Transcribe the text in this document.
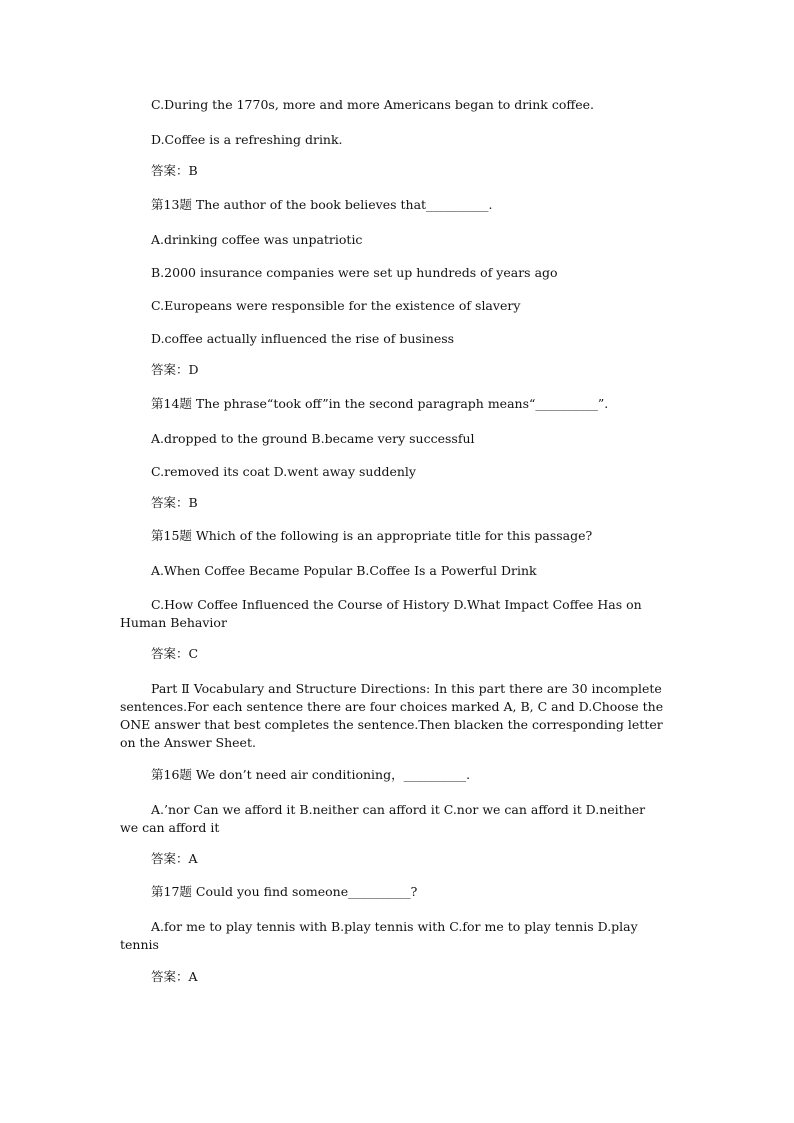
C.During the 1770s, more and more Americans began to drink coffee.

D.Coffee is a refreshing drink.

答案：B

第13题 The author of the book believes that__________.

A.drinking coffee was unpatriotic

B.2000 insurance companies were set up hundreds of years ago

C.Europeans were responsible for the existence of slavery

D.coffee actually influenced the rise of business

答案：D

第14题 The phrase“took off”in the second paragraph means“__________”.

A.dropped to the ground B.became very successful

C.removed its coat D.went away suddenly

答案：B

第15题 Which of the following is an appropriate title for this passage?

A.When Coffee Became Popular B.Coffee Is a Powerful Drink

C.How Coffee Influenced the Course of History D.What Impact Coffee Has on Human Behavior

答案：C

Part Ⅱ Vocabulary and Structure Directions: In this part there are 30 incomplete sentences.For each sentence there are four choices marked A, B, C and D.Choose the ONE answer that best completes the sentence.Then blacken the corresponding letter on the Answer Sheet.

第16题 We don’t need air conditioning，__________.

A.’nor Can we afford it B.neither can afford it C.nor we can afford it D.neither we can afford it

答案：A

第17题 Could you find someone__________?

A.for me to play tennis with B.play tennis with C.for me to play tennis D.play tennis

答案：A
